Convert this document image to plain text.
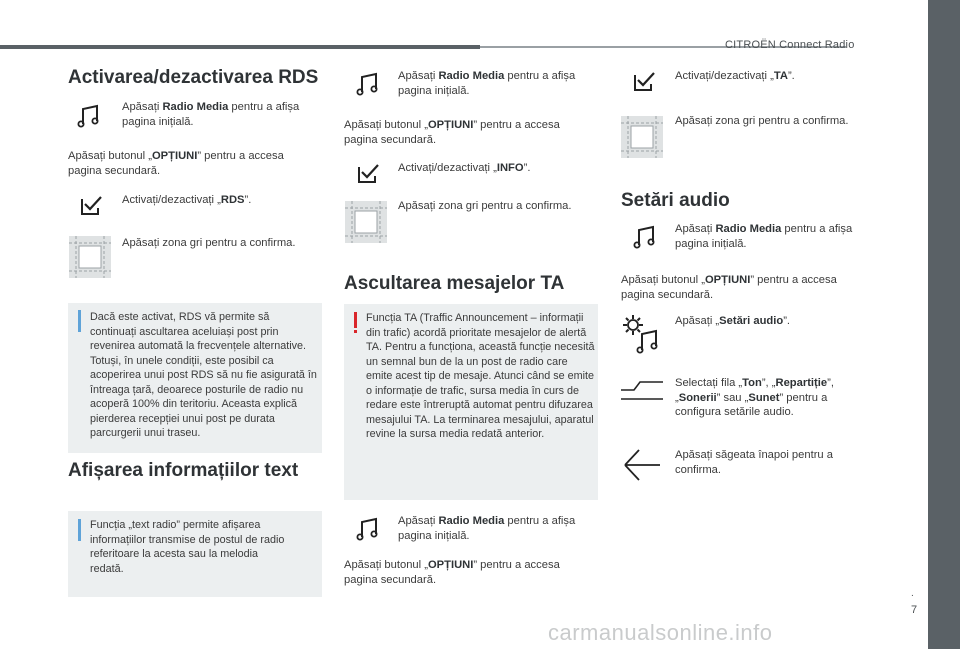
CITROËN Connect Radio
Activarea/dezactivarea RDS
Apăsați Radio Media pentru a afișa pagina inițială.
Apăsați butonul „OPȚIUNI” pentru a accesa pagina secundară.
Activați/dezactivați „RDS”.
Apăsați zona gri pentru a confirma.
Dacă este activat, RDS vă permite să continuați ascultarea aceluiași post prin revenirea automată la frecvențele alternative. Totuși, în unele condiții, este posibil ca acoperirea unui post RDS să nu fie asigurată în întreaga țară, deoarece posturile de radio nu acoperă 100% din teritoriu. Aceasta explică pierderea recepției unui post pe durata parcurgerii unui traseu.
Afișarea informațiilor text
Funcția „text radio” permite afișarea informațiilor transmise de postul de radio referitoare la acesta sau la melodia redată.
Apăsați Radio Media pentru a afișa pagina inițială.
Apăsați butonul „OPȚIUNI” pentru a accesa pagina secundară.
Activați/dezactivați „INFO”.
Apăsați zona gri pentru a confirma.
Ascultarea mesajelor TA
Funcția TA (Traffic Announcement – informații din trafic) acordă prioritate mesajelor de alertă TA. Pentru a funcționa, această funcție necesită un semnal bun de la un post de radio care emite acest tip de mesaje. Atunci când se emite o informație de trafic, sursa media în curs de redare este întreruptă automat pentru difuzarea mesajului TA. La terminarea mesajului, aparatul revine la sursa media redată anterior.
Apăsați Radio Media pentru a afișa pagina inițială.
Apăsați butonul „OPȚIUNI” pentru a accesa pagina secundară.
Activați/dezactivați „TA”.
Apăsați zona gri pentru a confirma.
Setări audio
Apăsați Radio Media pentru a afișa pagina inițială.
Apăsați butonul „OPȚIUNI” pentru a accesa pagina secundară.
Apăsați „Setări audio”.
Selectați fila „Ton”, „Repartiție”, „Sonerii” sau „Sunet” pentru a configura setările audio.
Apăsați săgeata înapoi pentru a confirma.
.
7
carmanualsonline.info
